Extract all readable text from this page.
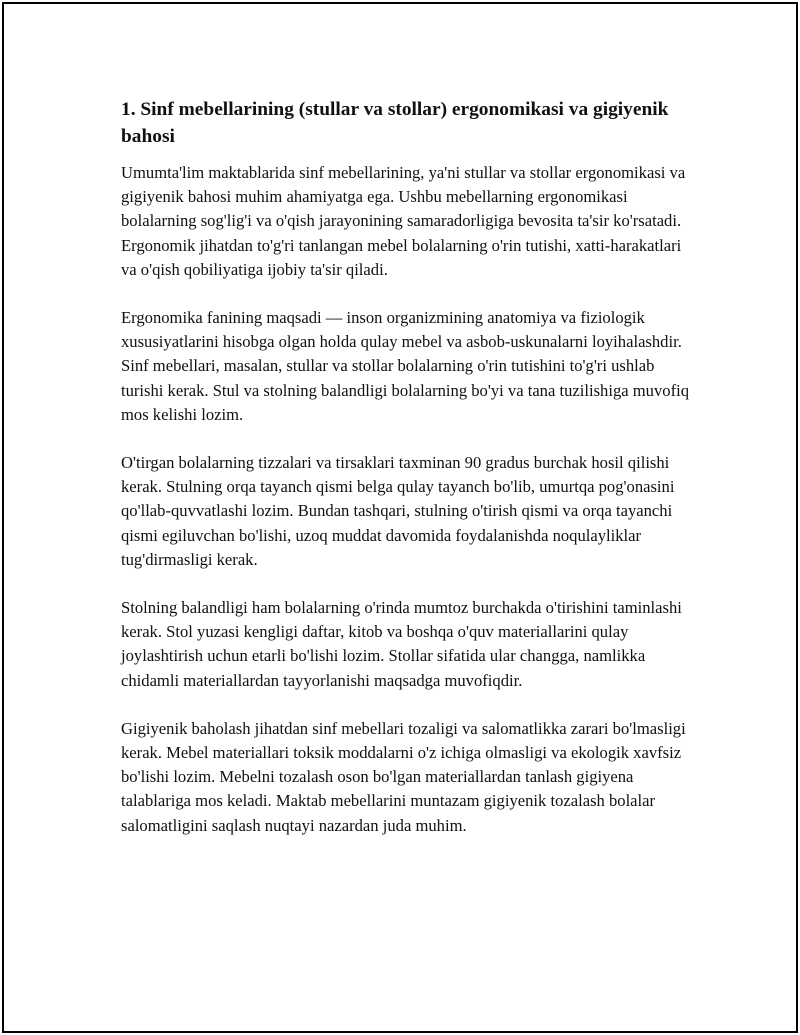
1. Sinf mebellarining (stullar va stollar) ergonomikasi va gigiyenik bahosi

Umumta'lim maktablarida sinf mebellarining, ya'ni stullar va stollar ergonomikasi va gigiyenik bahosi muhim ahamiyatga ega. Ushbu mebellarning ergonomikasi bolalarning sog'lig'i va o'qish jarayonining samaradorligiga bevosita ta'sir ko'rsatadi. Ergonomik jihatdan to'g'ri tanlangan mebel bolalarning o'rin tutishi, xatti-harakatlari va o'qish qobiliyatiga ijobiy ta'sir qiladi.

Ergonomika fanining maqsadi — inson organizmining anatomiya va fiziologik xususiyatlarini hisobga olgan holda qulay mebel va asbob-uskunalarni loyihalashdir. Sinf mebellari, masalan, stullar va stollar bolalarning o'rin tutishini to'g'ri ushlab turishi kerak. Stul va stolning balandligi bolalarning bo'yi va tana tuzilishiga muvofiq mos kelishi lozim.

O'tirgan bolalarning tizzalari va tirsaklari taxminan 90 gradus burchak hosil qilishi kerak. Stulning orqa tayanch qismi belga qulay tayanch bo'lib, umurtqa pog'onasini qo'llab-quvvatlashi lozim. Bundan tashqari, stulning o'tirish qismi va orqa tayanchi qismi egiluvchan bo'lishi, uzoq muddat davomida foydalanishda noqulayliklar tug'dirmasligi kerak.

Stolning balandligi ham bolalarning o'rinda mumtoz burchakda o'tirishini taminlashi kerak. Stol yuzasi kengligi daftar, kitob va boshqa o'quv materiallarini qulay joylashtirish uchun etarli bo'lishi lozim. Stollar sifatida ular changga, namlikka chidamli materiallardan tayyorlanishi maqsadga muvofiqdir.

Gigiyenik baholash jihatdan sinf mebellari tozaligi va salomatlikka zarari bo'lmasligi kerak. Mebel materiallari toksik moddalarni o'z ichiga olmasligi va ekologik xavfsiz bo'lishi lozim. Mebelni tozalash oson bo'lgan materiallardan tanlash gigiyena talablariga mos keladi. Maktab mebellarini muntazam gigiyenik tozalash bolalar salomatligini saqlash nuqtayi nazardan juda muhim.
